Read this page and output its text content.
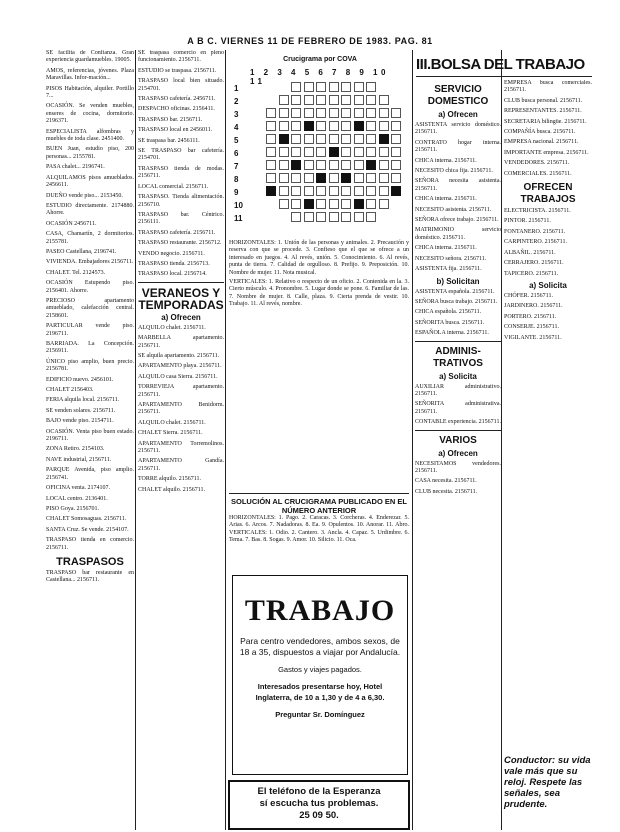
A B C. VIERNES 11 DE FEBRERO DE 1983. PAG. 81

SE facilita de Confianza. Gran experiencia guardamuebles. 19005.

AMOS, referencias, jóvenes. Plaza Maravillas. Infor-mación...

PISOS Habitación, alquiler. Portillo 7...

OCASIÓN. Se venden muebles, enseres de cocina, dormitorio. 2196371.

ESPECIALISTA alfombras y muebles de toda clase. 2451400.

BUEN Juan, estudio piso, 200 personas... 2155781.

PASA chalet... 2196741.

ALQUILAMOS pisos amueblados. 2456611.

DUEÑO vende piso... 2153450.

ESTUDIO directamente. 2174880. Ahorre.

OCASIÓN 2456711.

CASA, Chamartín, 2 dormitorios. 2155781.

PASEO Castellana, 2196741.

VIVIENDA. Embajadores 2156711.

CHALET. Tel. 2124573.

OCASIÓN Estupendo piso. 2156401. Ahorre.

PRECIOSO apartamento amueblado, calefacción central. 2158601.

PARTICULAR vende piso. 2196711.

BARRIADA. La Concepción. 2156911.

ÚNICO piso amplio, buen precio. 2156781.

EDIFICIO nuevo. 2456101.

CHALET 2156403.

FERIA alquila local. 2156711.

SE venden solares. 2156711.

BAJO vende piso. 2154711.

OCASIÓN. Venta piso buen estado. 2196711.

ZONA Retiro. 2154103.

NAVE industrial, 2156711.

PARQUE Avenida, piso amplio. 2156741.

OFICINA venta. 2174107.

LOCAL centro. 2136401.

PISO Goya. 2156701.

CHALET Somosaguas. 2156711.

SANTA Cruz. Se vende. 2154107.

TRASPASO tienda en comercio. 2156711.

TRASPASOS

TRASPASO bar restaurante en Castellana... 2156711.

SE traspasa comercio en pleno funcionamiento. 2156711.

ESTUDIO se traspasa. 2156711.

TRASPASO local bien situado. 2154701.

TRASPASO cafetería. 2456711.

DESPACHO oficinas. 2156411.

TRASPASO bar. 2156711.

TRASPASO local en 2456011.

SE traspasa bar. 2456111.

SE TRASPASO bar cafetería. 2154701.

TRASPASO tienda de modas. 2156711.

LOCAL comercial. 2156711.

TRASPASO. Tienda alimentación. 2156710.

TRASPASO bar. Céntrico. 2156111.

TRASPASO cafetería. 2156711.

TRASPASO restaurante. 2156712.

VENDO negocio. 2156711.

TRASPASO tienda. 2156713.

TRASPASO local. 2156714.

VERANEOS Y TEMPORADAS
a) Ofrecen

ALQUILO chalet. 2156711.

MARBELLA apartamento. 2156711.

SE alquila apartamento. 2156711.

APARTAMENTO playa. 2156711.

ALQUILO casa Sierra. 2156711.

TORREVIEJA apartamento. 2156711.

APARTAMENTO Benidorm. 2156711.

ALQUILO chalet. 2156711.

CHALET Sierra. 2156711.

APARTAMENTO Torremolinos. 2156711.

APARTAMENTO Gandía. 2156711.

TORRE alquilo. 2156711.

CHALET alquilo. 2156711.

Crucigrama por COVA
1 2 3 4 5 6 7 8 9 10 11
1
2
3
4
5
6
7
8
9
10
11
HORIZONTALES: 1. Unión de las personas y animales. 2. Precaución y reserva con que se procede. 3. Confieso que el que se ofrece a un interesado en juegos. 4. Al revés, unión. 5. Conocimiento. 6. Al revés, punta de tierra. 7. Calidad de orgulloso. 8. Prefijo. 9. Preposición. 10. Nombre de mujer. 11. Nota musical.
VERTICALES: 1. Relativo o respecto de un oficio. 2. Contenida en la. 3. Cierto músculo. 4. Pronombre. 5. Lugar donde se pone. 6. Familiar de las. 7. Nombre de mujer. 8. Calle, plaza. 9. Cierta prenda de vestir. 10. Trabajo. 11. Al revés, nombre.
SOLUCIÓN AL CRUCIGRAMA PUBLICADO EN EL NÚMERO ANTERIOR
HORIZONTALES: 1. Pago. 2. Caracas. 3. Corcheras. 4. Enderezar. 5. Arias. 6. Arcos. 7. Nadadoras. 8. Ea. 9. Opulentos. 10. Anorar. 11. Abro. VERTICALES: 1. Odio. 2. Cantero. 3. Ancla. 4. Capaz. 5. Urdimbre. 6. Tema. 7. Bas. 8. Sogas. 9. Amor. 10. Silicio. 11. Oca.
TRABAJO
Para centro vendedores, ambos sexos, de 18 a 35, dispuestos a viajar por Andalucía.
Gastos y viajes pagados.
Interesados presentarse hoy, Hotel Inglaterra, de 10 a 1,30 y de 4 a 6,30.
Preguntar Sr. Domínguez
El teléfono de la Esperanza
sí escucha tus problemas.
25 09 50.
III.BOLSA DEL TRABAJO
SERVICIO DOMESTICO
a) Ofrecen

ASISTENTA servicio doméstico. 2156711.

CONTRATO hogar interna. 2156711.

CHICA interna. 2156711.

NECESITO chica fija. 2156711.

SEÑORA necesita asistenta. 2156711.

CHICA interna. 2156711.

NECESITO asistenta. 2156711.

SEÑORA ofrece trabajo. 2156711.

MATRIMONIO servicio doméstico. 2156711.

CHICA interna. 2156711.

NECESITO señora. 2156711.

ASISTENTA fija. 2156711.

b) Solicitan

ASISTENTA española. 2156711.

SEÑORA busca trabajo. 2156711.

CHICA española. 2156711.

SEÑORITA busca. 2156711.

ESPAÑOLA interna. 2156711.

ADMINIS-TRATIVOS
a) Solicita

AUXILIAR administrativo. 2156711.

SEÑORITA administrativa. 2156711.

CONTABLE experiencia. 2156711.

VARIOS
a) Ofrecen

NECESITAMOS vendedores. 2156711.

CASA necesita. 2156711.

CLUB necesita. 2156711.

EMPRESA busca comerciales. 2156711.

CLUB busca personal. 2156711.

REPRESENTANTES. 2156711.

SECRETARIA bilingüe. 2156711.

COMPAÑÍA busca. 2156711.

EMPRESA nacional. 2156711.

IMPORTANTE empresa. 2156711.

VENDEDORES. 2156711.

COMERCIALES. 2156711.

OFRECEN TRABAJOS

ELECTRICISTA. 2156711.

PINTOR. 2156711.

FONTANERO. 2156711.

CARPINTERO. 2156711.

ALBAÑIL. 2156711.

CERRAJERO. 2156711.

TAPICERO. 2156711.

a) Solicita

CHÓFER. 2156711.

JARDINERO. 2156711.

PORTERO. 2156711.

CONSERJE. 2156711.

VIGILANTE. 2156711.

Conductor: su vida vale más que su reloj. Respete las señales, sea prudente.
